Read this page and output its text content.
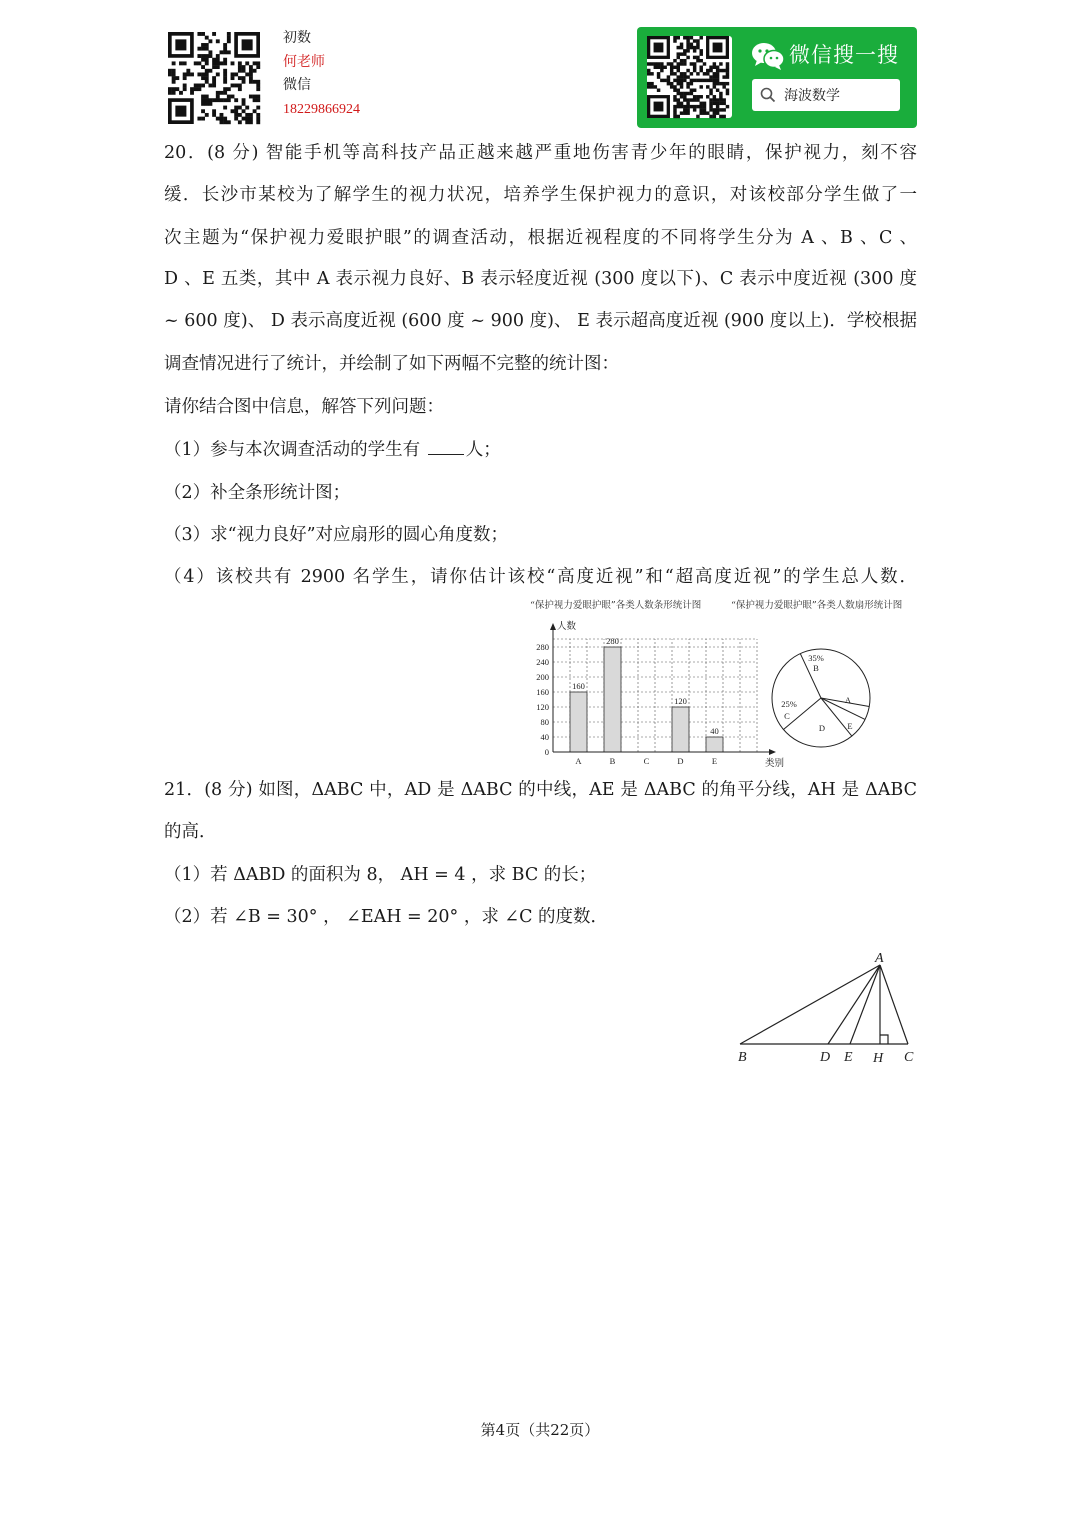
初数
何老师
微信
18229866924
微信搜一搜
海波数学
20．(8 分) 智能手机等高科技产品正越来越严重地伤害青少年的眼睛，保护视力，刻不容
缓．长沙市某校为了解学生的视力状况，培养学生保护视力的意识，对该校部分学生做了一
次主题为“保护视力爱眼护眼”的调查活动，根据近视程度的不同将学生分为 A 、B 、C 、
D 、E 五类，其中 A 表示视力良好、B 表示轻度近视 (300 度以下)、C 表示中度近视 (300 度
~ 600 度)、 D 表示高度近视 (600 度 ~ 900 度)、 E 表示超高度近视 (900 度以上)．学校根据
调查情况进行了统计，并绘制了如下两幅不完整的统计图：
请你结合图中信息，解答下列问题：
（1）参与本次调查活动的学生有 人；
（2）补全条形统计图；
（3）求“视力良好”对应扇形的圆心角度数；
（4）该校共有 2900 名学生，请你估计该校“高度近视”和“超高度近视”的学生总人数．
“保护视力爱眼护眼”各类人数条形统计图	“保护视力爱眼护眼”各类人数扇形统计图
160
280
120
40
人数
类别
0
40
80
120
160
200
240
280
A	B	C	D	E
35%
B
A
E
D
25%
C
21．(8 分) 如图，ΔABC 中，AD 是 ΔABC 的中线，AE 是 ΔABC 的角平分线，AH 是 ΔABC
的高．
（1）若 ΔABD 的面积为 8， AH = 4 ，求 BC 的长；
（2）若 ∠B = 30° ， ∠EAH = 20° ，求 ∠C 的度数．
A
B	D E H C
第4页（共22页）
